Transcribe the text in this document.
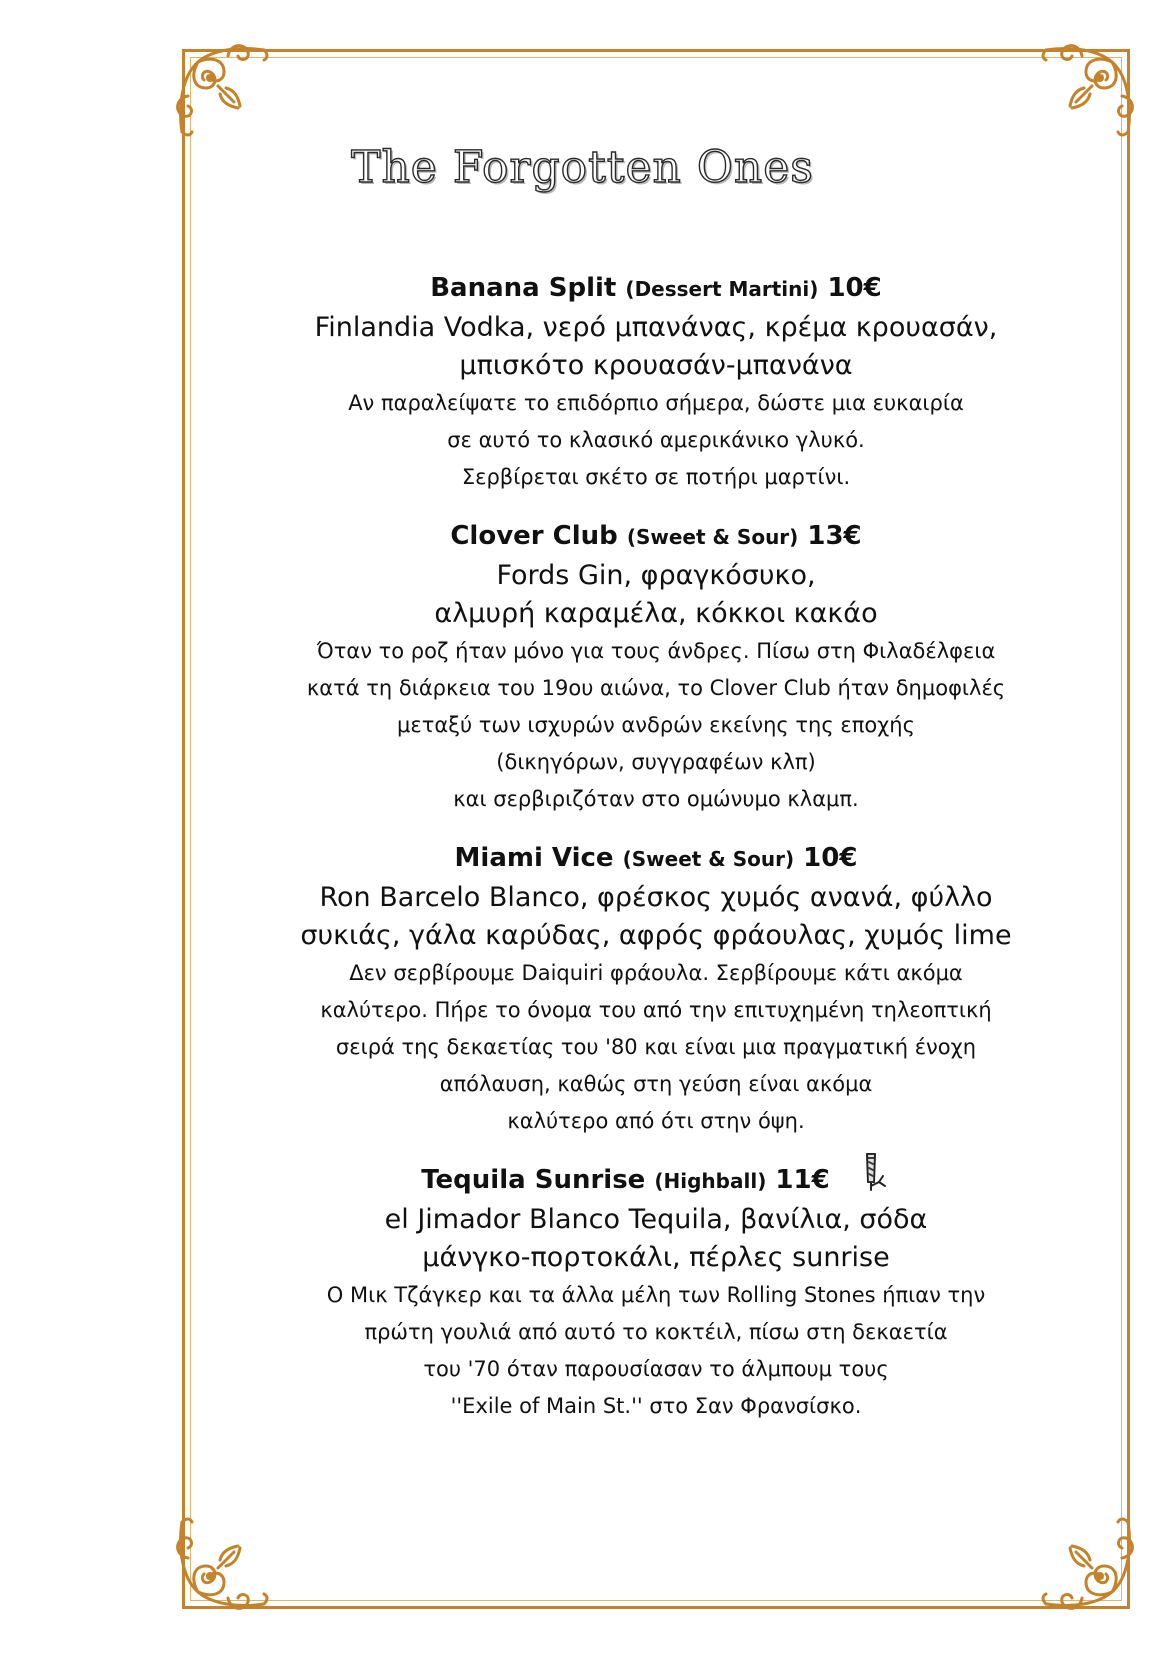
The Forgotten Ones
Banana Split (Dessert Martini) 10€
Finlandia Vodka, νερό μπανάνας, κρέμα κρουασάν,
μπισκότο κρουασάν-μπανάνα
Αν παραλείψατε το επιδόρπιο σήμερα, δώστε μια ευκαιρία
σε αυτό το κλασικό αμερικάνικο γλυκό.
Σερβίρεται σκέτο σε ποτήρι μαρτίνι.
Clover Club (Sweet & Sour) 13€
Fords Gin, φραγκόσυκο,
αλμυρή καραμέλα, κόκκοι κακάο
Όταν το ροζ ήταν μόνο για τους άνδρες. Πίσω στη Φιλαδέλφεια
κατά τη διάρκεια του 19ου αιώνα, το Clover Club ήταν δημοφιλές
μεταξύ των ισχυρών ανδρών εκείνης της εποχής
(δικηγόρων, συγγραφέων κλπ)
και σερβιριζόταν στο ομώνυμο κλαμπ.
Miami Vice (Sweet & Sour) 10€
Ron Barcelo Blanco, φρέσκος χυμός ανανά, φύλλο
συκιάς, γάλα καρύδας, αφρός φράουλας, χυμός lime
Δεν σερβίρουμε Daiquiri φράουλα. Σερβίρουμε κάτι ακόμα
καλύτερο. Πήρε το όνομα του από την επιτυχημένη τηλεοπτική
σειρά της δεκαετίας του '80 και είναι μια πραγματική ένοχη
απόλαυση, καθώς στη γεύση είναι ακόμα
καλύτερο από ότι στην όψη.
Tequila Sunrise (Highball) 11€
el Jimador Blanco Tequila, βανίλια, σόδα
μάνγκο-πορτοκάλι, πέρλες sunrise
Ο Μικ Τζάγκερ και τα άλλα μέλη των Rolling Stones ήπιαν την
πρώτη γουλιά από αυτό το κοκτέιλ, πίσω στη δεκαετία
του '70 όταν παρουσίασαν το άλμπουμ τους
''Exile of Main St.'' στο Σαν Φρανσίσκο.
